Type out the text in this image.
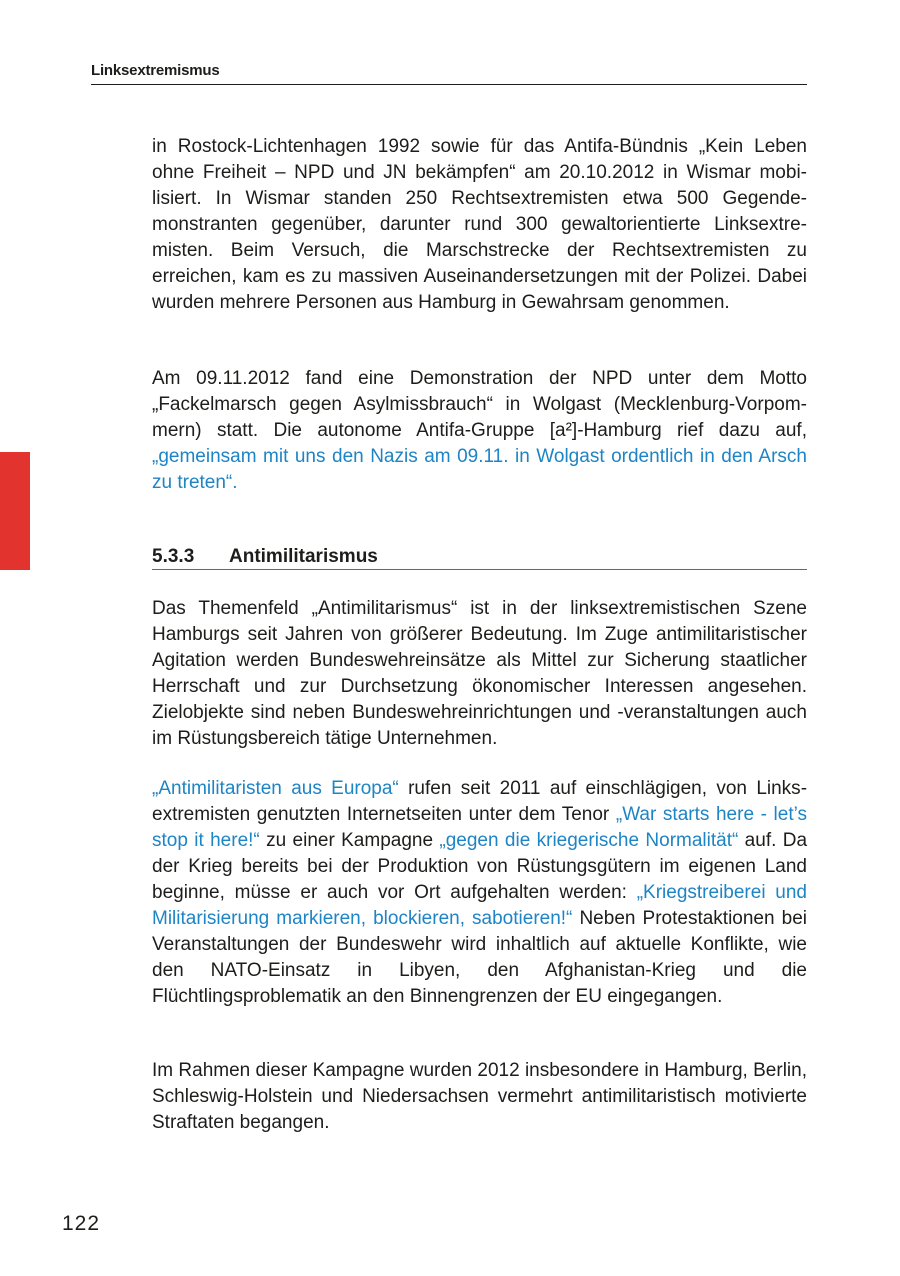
Linksextremismus

in Rostock-Lichtenhagen 1992 sowie für das Antifa-Bündnis „Kein Leben ohne Freiheit – NPD und JN bekämpfen“ am 20.10.2012 in Wismar mobilisiert. In Wismar standen 250 Rechtsextremisten etwa 500 Gegendemonstranten gegenüber, darunter rund 300 gewaltorientierte Linksextremisten. Beim Versuch, die Marschstrecke der Rechtsextremisten zu erreichen, kam es zu massiven Auseinandersetzungen mit der Polizei. Dabei wurden mehrere Personen aus Hamburg in Gewahrsam genommen.

Am 09.11.2012 fand eine Demonstration der NPD unter dem Motto „Fackelmarsch gegen Asylmissbrauch“ in Wolgast (Mecklenburg-Vorpommern) statt. Die autonome Antifa-Gruppe [a²]-Hamburg rief dazu auf, „gemeinsam mit uns den Nazis am 09.11. in Wolgast ordentlich in den Arsch zu treten“.

5.3.3 Antimilitarismus

Das Themenfeld „Antimilitarismus“ ist in der linksextremistischen Szene Hamburgs seit Jahren von größerer Bedeutung. Im Zuge antimilitaristischer Agitation werden Bundeswehreinsätze als Mittel zur Sicherung staatlicher Herrschaft und zur Durchsetzung ökonomischer Interessen angesehen. Zielobjekte sind neben Bundeswehreinrichtungen und -veranstaltungen auch im Rüstungsbereich tätige Unternehmen.

„Antimilitaristen aus Europa“ rufen seit 2011 auf einschlägigen, von Linksextremisten genutzten Internetseiten unter dem Tenor „War starts here - let’s stop it here!“ zu einer Kampagne „gegen die kriegerische Normalität“ auf. Da der Krieg bereits bei der Produktion von Rüstungsgütern im eigenen Land beginne, müsse er auch vor Ort aufgehalten werden: „Kriegstreiberei und Militarisierung markieren, blockieren, sabotieren!“ Neben Protestaktionen bei Veranstaltungen der Bundeswehr wird inhaltlich auf aktuelle Konflikte, wie den NATO-Einsatz in Libyen, den Afghanistan-Krieg und die Flüchtlingsproblematik an den Binnengrenzen der EU eingegangen.

Im Rahmen dieser Kampagne wurden 2012 insbesondere in Hamburg, Berlin, Schleswig-Holstein und Niedersachsen vermehrt antimilitaristisch motivierte Straftaten begangen.

122
